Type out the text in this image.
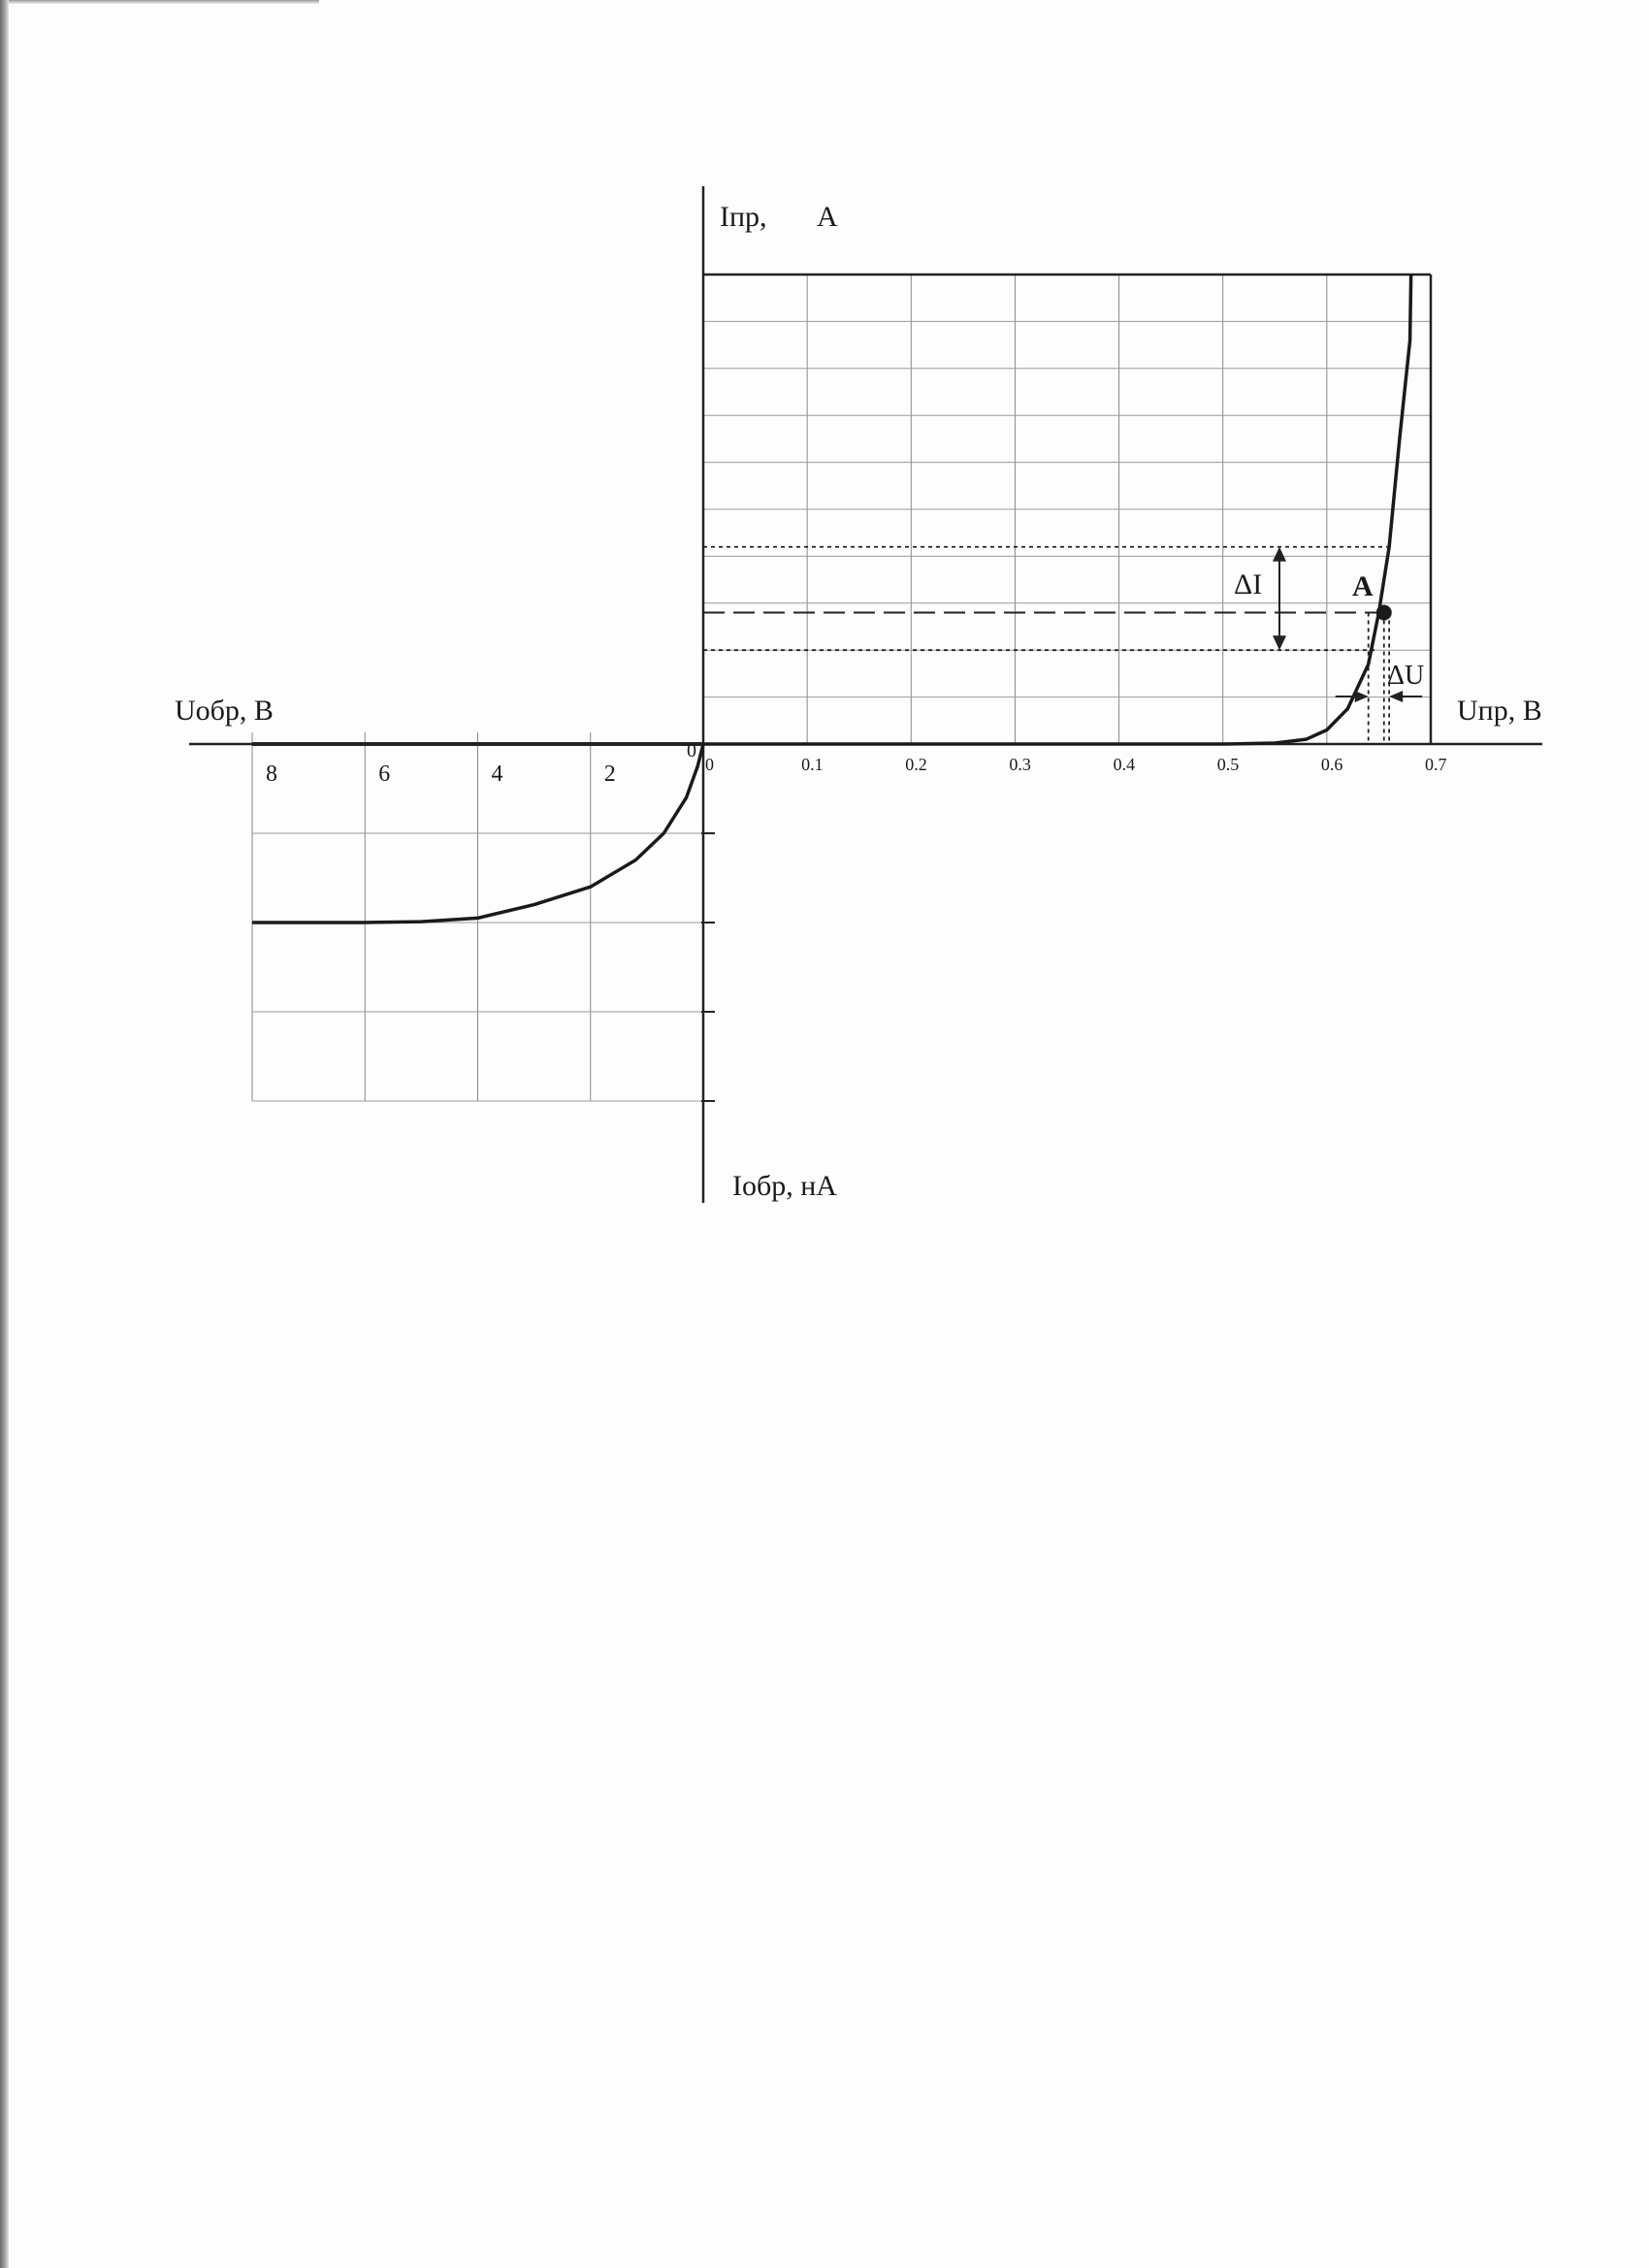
Iпр, A
Uпр, В
Uобр, В
Iобр, нА
0
A
ΔI
ΔU
0	0.1	0.2	0.3	0.4	0.5	0.6	0.7
8	6	4	2
